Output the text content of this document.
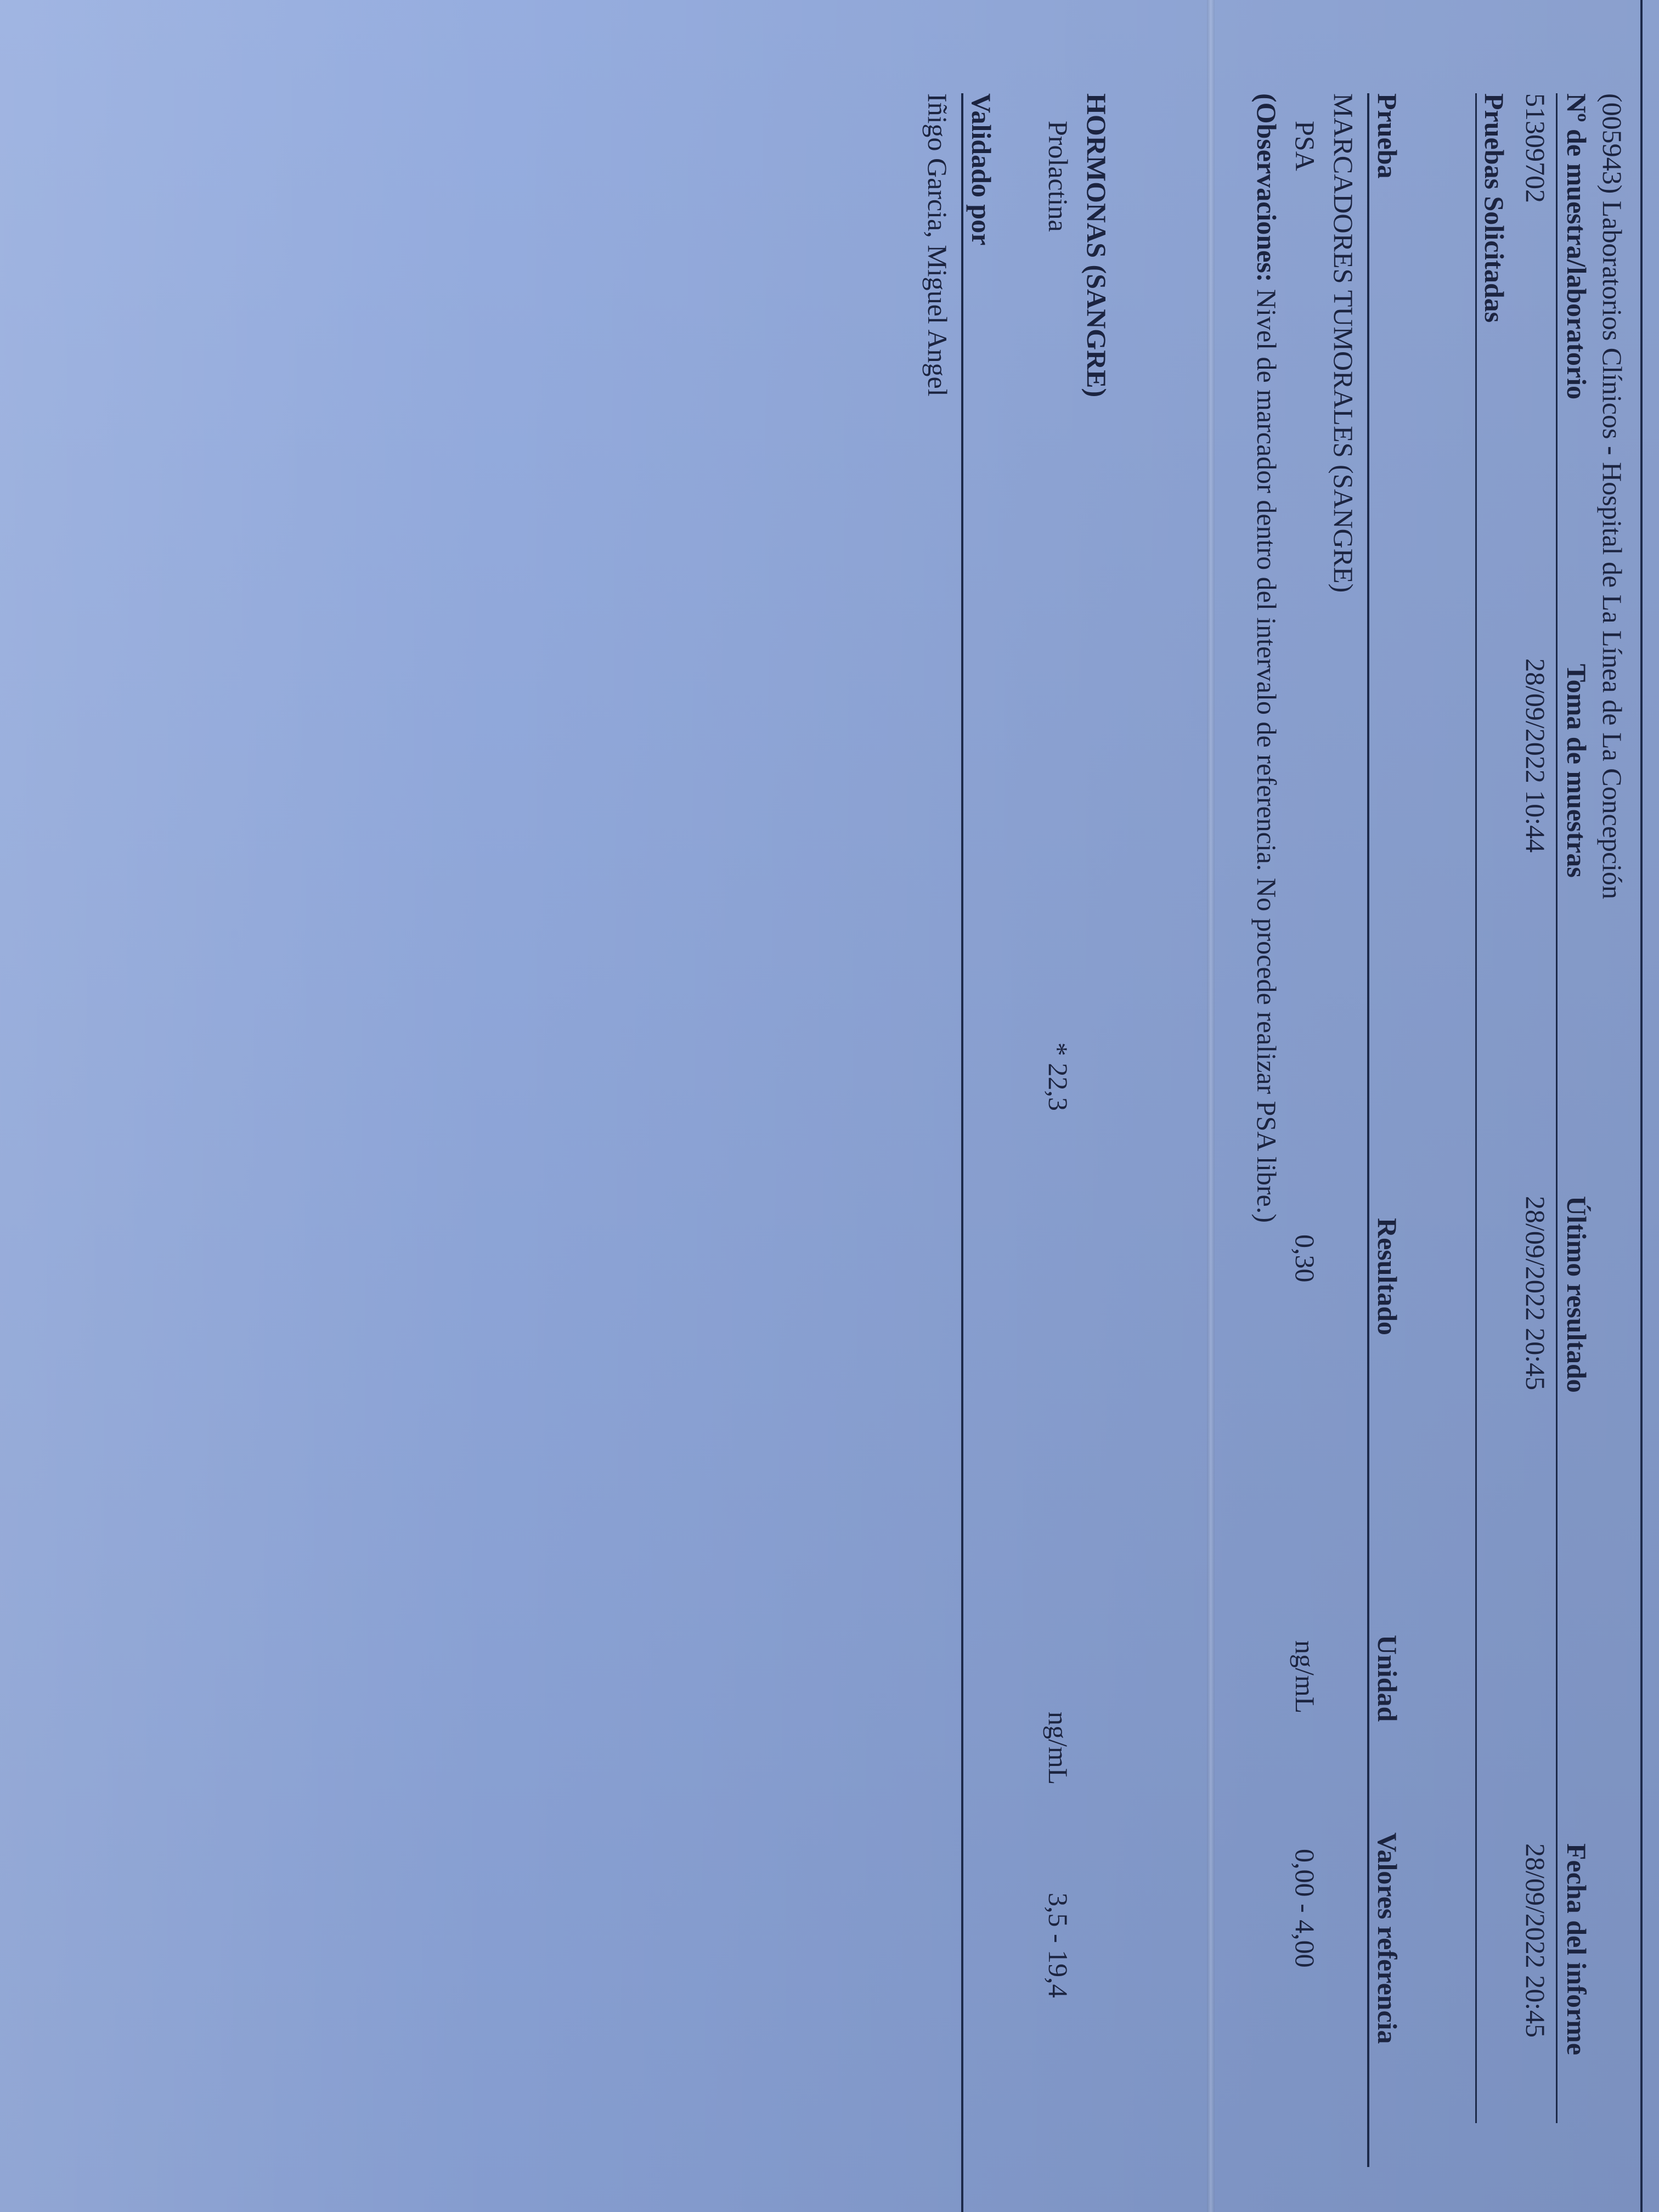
(005943) Laboratorios Clínicos - Hospital de La Línea de La Concepción
Nº de muestra/laboratorio
Toma de muestras
Último resultado
Fecha del informe
51309702
28/09/2022 10:44
28/09/2022 20:45
28/09/2022 20:45
Pruebas Solicitadas
Prueba
Resultado
Unidad
Valores referencia
MARCADORES TUMORALES (SANGRE)
PSA
0,30
ng/mL
0,00 - 4,00
(Observaciones: Nivel de marcador dentro del intervalo de referencia. No procede realizar PSA libre.)
HORMONAS (SANGRE)
Prolactina
* 22,3
ng/mL
3,5 - 19,4
Validado por
Iñigo Garcia, Miguel Angel
